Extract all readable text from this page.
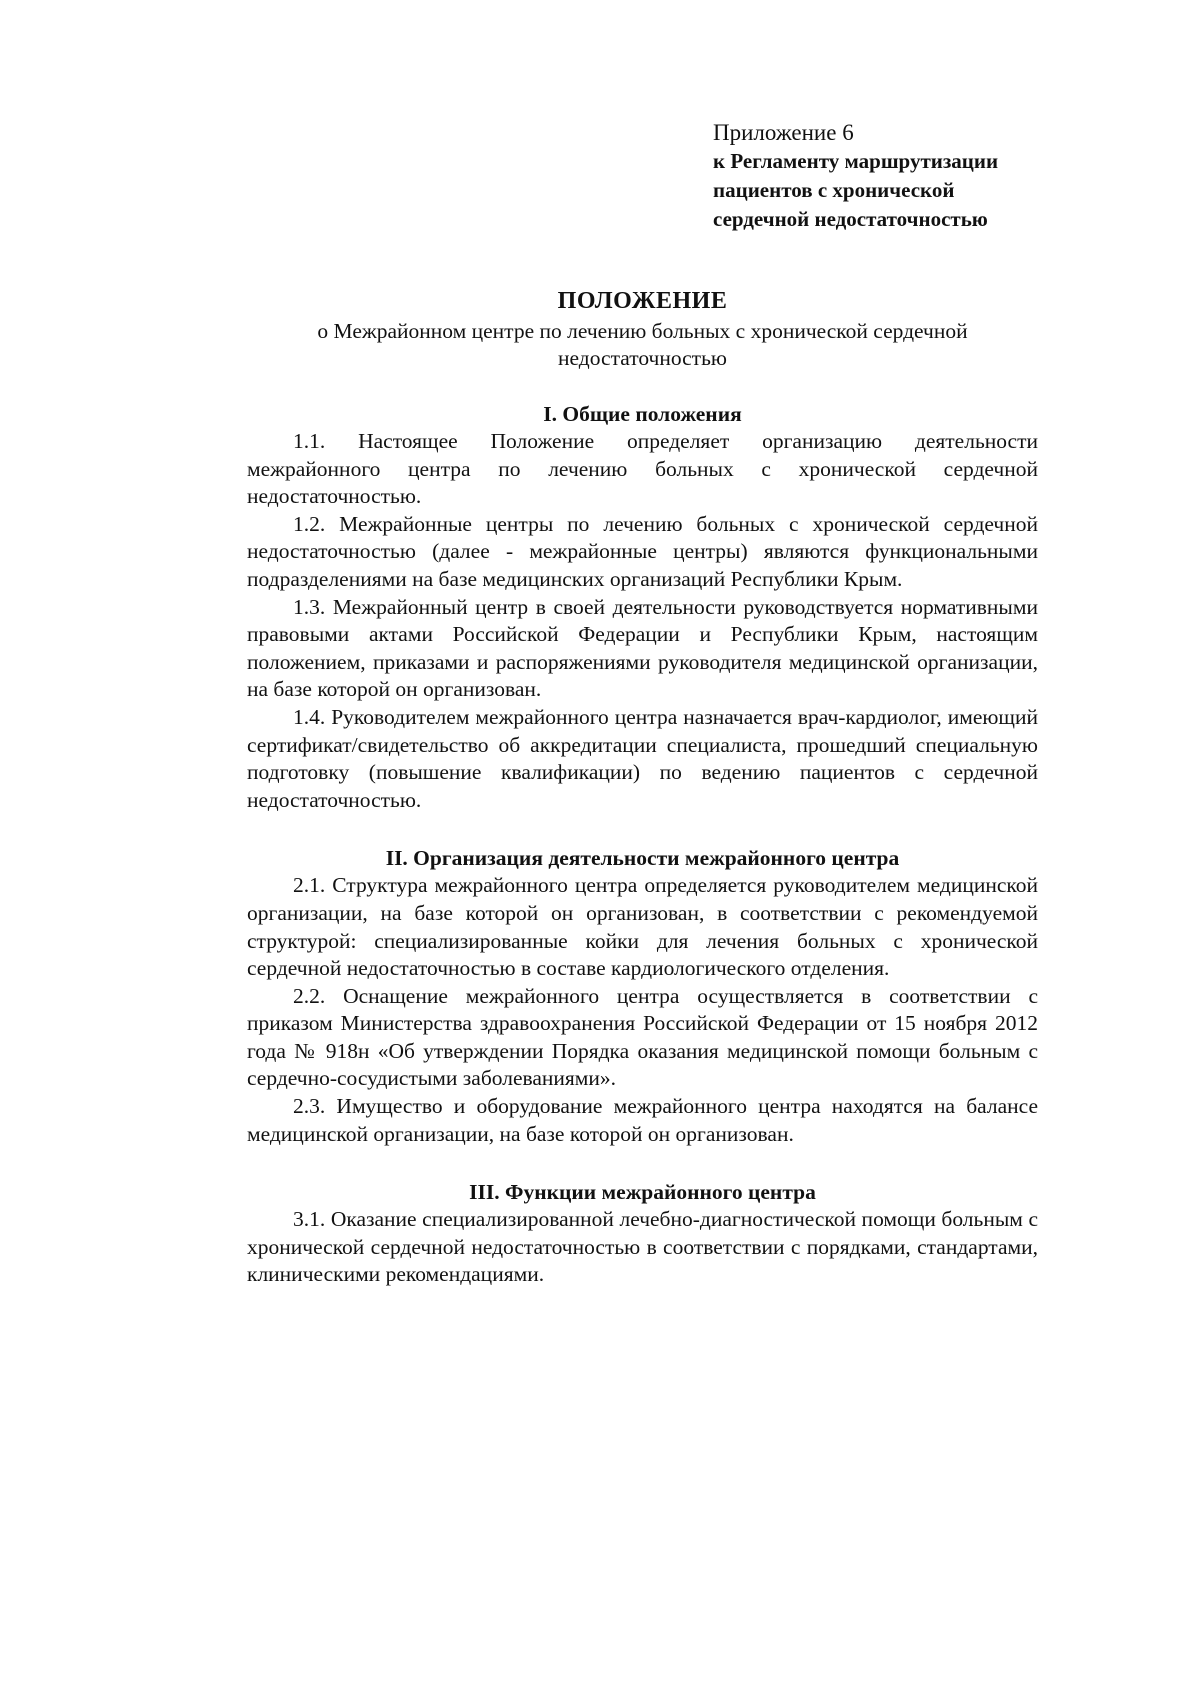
Приложение 6
к Регламенту маршрутизации
пациентов с хронической
сердечной недостаточностью
ПОЛОЖЕНИЕ
о Межрайонном центре по лечению больных с хронической сердечной недостаточностью
I. Общие положения

1.1. Настоящее Положение определяет организацию деятельности межрайонного центра по лечению больных с хронической сердечной недостаточностью.

1.2. Межрайонные центры по лечению больных с хронической сердечной недостаточностью (далее - межрайонные центры) являются функциональными подразделениями на базе медицинских организаций Республики Крым.

1.3. Межрайонный центр в своей деятельности руководствуется нормативными правовыми актами Российской Федерации и Республики Крым, настоящим положением, приказами и распоряжениями руководителя медицинской организации, на базе которой он организован.

1.4. Руководителем межрайонного центра назначается врач-кардиолог, имеющий сертификат/свидетельство об аккредитации специалиста, прошедший специальную подготовку (повышение квалификации) по ведению пациентов с сердечной недостаточностью.

II. Организация деятельности межрайонного центра

2.1. Структура межрайонного центра определяется руководителем медицинской организации, на базе которой он организован, в соответствии с рекомендуемой структурой: специализированные койки для лечения больных с хронической сердечной недостаточностью в составе кардиологического отделения.

2.2. Оснащение межрайонного центра осуществляется в соответствии с приказом Министерства здравоохранения Российской Федерации от 15 ноября 2012 года № 918н «Об утверждении Порядка оказания медицинской помощи больным с сердечно-сосудистыми заболеваниями».

2.3. Имущество и оборудование межрайонного центра находятся на балансе медицинской организации, на базе которой он организован.

III. Функции межрайонного центра

3.1. Оказание специализированной лечебно-диагностической помощи больным с хронической сердечной недостаточностью в соответствии с порядками, стандартами, клиническими рекомендациями.
